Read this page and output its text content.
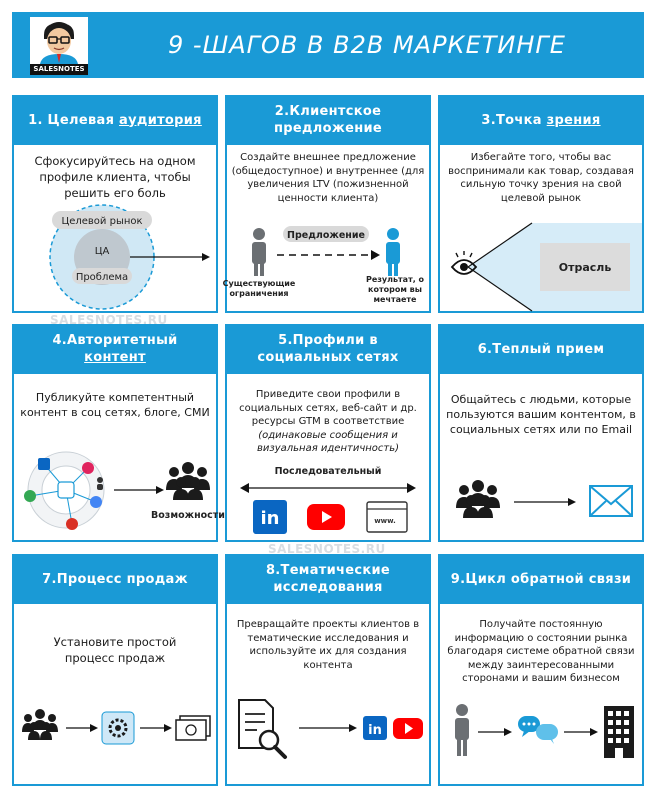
SALESNOTES
9 -ШАГОВ В B2B МАРКЕТИНГЕ
1. Целевая аудитория
Сфокусируйтесь на одном профиле клиента, чтобы решить его боль
Целевой рынок
ЦА
Проблема
2.Клиентское предложение
Создайте внешнее предложение (общедоступное) и внутреннее (для увеличения LTV (пожизненной ценности клиента)
Предложение
Существующие
ограничения
Результат, о
котором вы
мечтаете
3.Точка зрения
Избегайте того, чтобы вас воспринимали как товар, создавая сильную точку зрения на свой целевой рынок
Отрасль
4.Авторитетный
контент
Публикуйте компетентный контент в соц сетях, блоге, СМИ
Возможности
5.Профили в социальных сетях
Приведите свои профили в социальных сетях, веб-сайт и др. ресурсы GTM в соответствие
(одинаковые сообщения и визуальная идентичность)
Последовательный
in	www.
6.Теплый прием
Общайтесь с людьми, которые пользуются вашим контентом, в социальных сетях или по Email
7.Процесс продаж
Установите простой процесс продаж
8.Тематические исследования
Превращайте проекты клиентов в тематические исследования и используйте их для создания контента
in
9.Цикл обратной связи
Получайте постоянную информацию о состоянии рынка благодаря системе обратной связи между заинтересованными сторонами и вашим бизнесом
SALESNOTES.RU
SALESNOTES.RU
